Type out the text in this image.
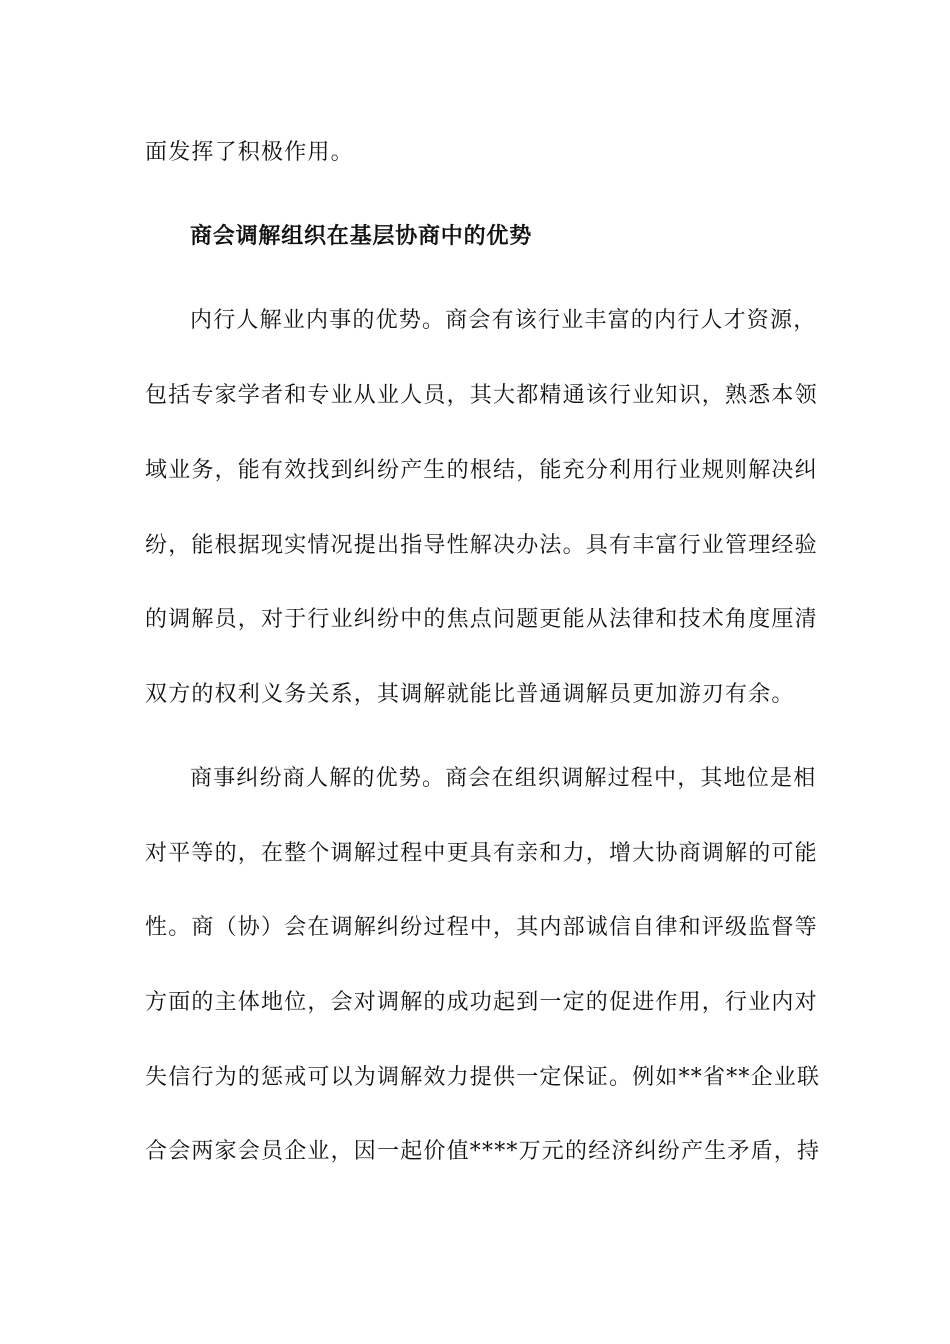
面发挥了积极作用。
商会调解组织在基层协商中的优势
内行人解业内事的优势。商会有该行业丰富的内行人才资源，
包括专家学者和专业从业人员，其大都精通该行业知识，熟悉本领
域业务，能有效找到纠纷产生的根结，能充分利用行业规则解决纠
纷，能根据现实情况提出指导性解决办法。具有丰富行业管理经验
的调解员，对于行业纠纷中的焦点问题更能从法律和技术角度厘清
双方的权利义务关系，其调解就能比普通调解员更加游刃有余。
商事纠纷商人解的优势。商会在组织调解过程中，其地位是相
对平等的，在整个调解过程中更具有亲和力，增大协商调解的可能
性。商（协）会在调解纠纷过程中，其内部诚信自律和评级监督等
方面的主体地位，会对调解的成功起到一定的促进作用，行业内对
失信行为的惩戒可以为调解效力提供一定保证。例如**省**企业联
合会两家会员企业，因一起价值****万元的经济纠纷产生矛盾，持
